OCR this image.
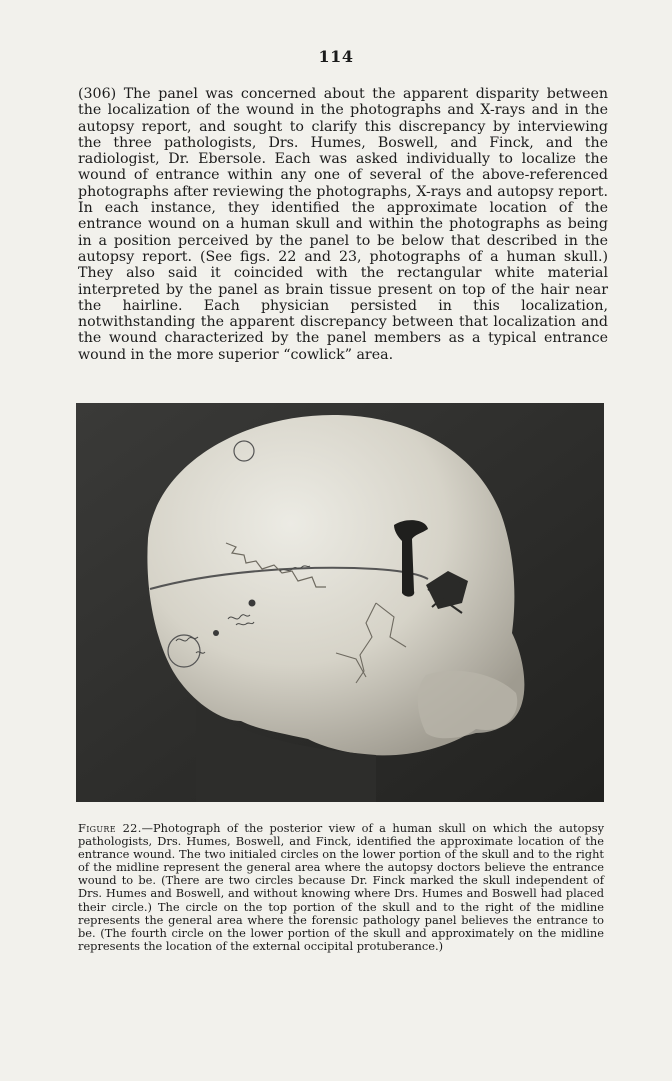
114

(306) The panel was concerned about the apparent disparity between the localization of the wound in the photographs and X-rays and in the autopsy report, and sought to clarify this discrepancy by interviewing the three pathologists, Drs. Humes, Boswell, and Finck, and the radiologist, Dr. Ebersole. Each was asked individually to localize the wound of entrance within any one of several of the above-referenced photographs after reviewing the photographs, X-rays and autopsy report. In each instance, they identified the approximate location of the entrance wound on a human skull and within the photographs as being in a position perceived by the panel to be below that described in the autopsy report. (See figs. 22 and 23, photographs of a human skull.) They also said it coincided with the rectangular white material interpreted by the panel as brain tissue present on top of the hair near the hairline. Each physician persisted in this localization, notwithstanding the apparent discrepancy between that localization and the wound characterized by the panel members as a typical entrance wound in the more superior “cowlick” area.

Figure 22.—Photograph of the posterior view of a human skull on which the autopsy pathologists, Drs. Humes, Boswell, and Finck, identified the approximate location of the entrance wound. The two initialed circles on the lower portion of the skull and to the right of the midline represent the general area where the autopsy doctors believe the entrance wound to be. (There are two circles because Dr. Finck marked the skull independent of Drs. Humes and Boswell, and without knowing where Drs. Humes and Boswell had placed their circle.) The circle on the top portion of the skull and to the right of the midline represents the general area where the forensic pathology panel believes the entrance to be. (The fourth circle on the lower portion of the skull and approximately on the midline represents the location of the external occipital protuberance.)
